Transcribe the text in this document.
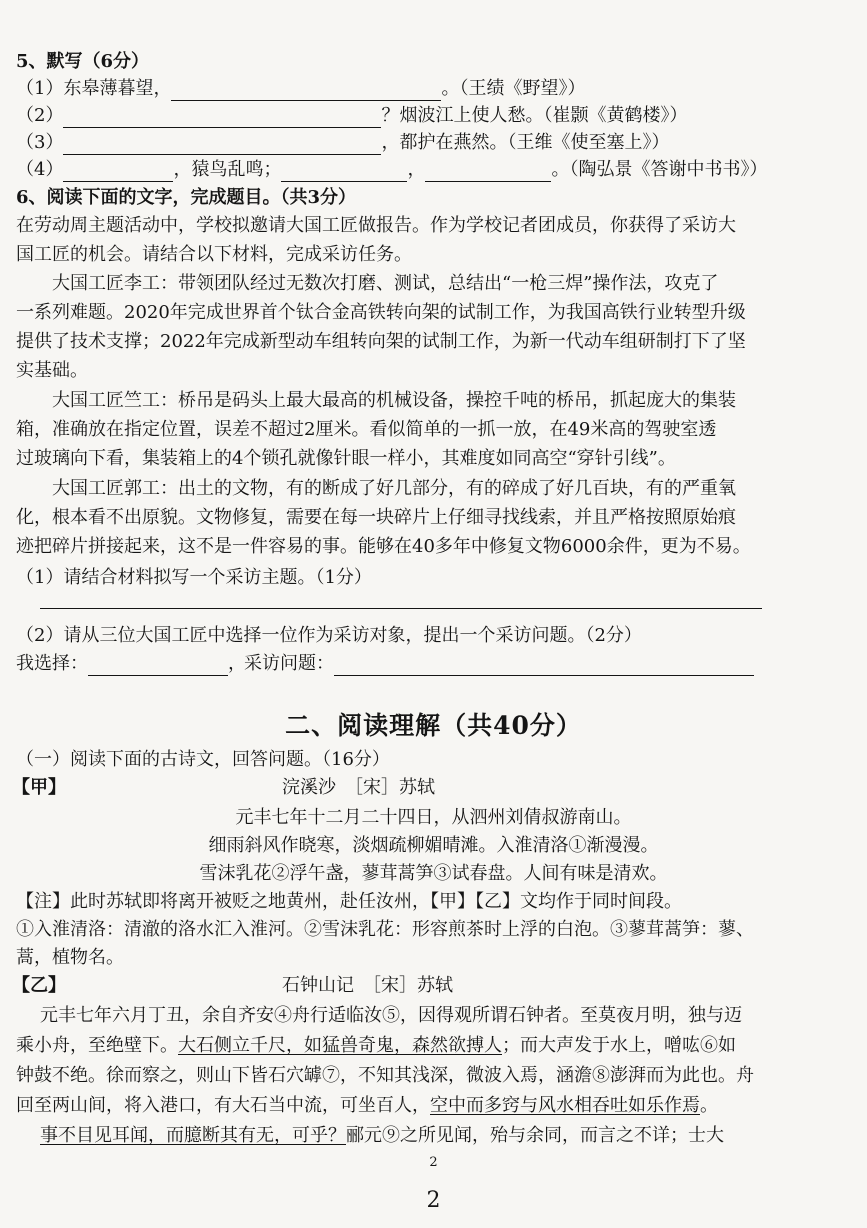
5、默写（6分）
（1）东皋薄暮望，	。（王绩《野望》）
（2）	？烟波江上使人愁。（崔颢《黄鹤楼》）
（3）	，都护在燕然。（王维《使至塞上》）
（4）	，猿鸟乱鸣；	，	。（陶弘景《答谢中书书》）
6、阅读下面的文字，完成题目。（共3分）
在劳动周主题活动中，学校拟邀请大国工匠做报告。作为学校记者团成员，你获得了采访大
国工匠的机会。请结合以下材料，完成采访任务。
大国工匠李工：带领团队经过无数次打磨、测试，总结出“一枪三焊”操作法，攻克了
一系列难题。2020年完成世界首个钛合金高铁转向架的试制工作，为我国高铁行业转型升级
提供了技术支撑；2022年完成新型动车组转向架的试制工作，为新一代动车组研制打下了坚
实基础。
大国工匠竺工：桥吊是码头上最大最高的机械设备，操控千吨的桥吊，抓起庞大的集装
箱，准确放在指定位置，误差不超过2厘米。看似简单的一抓一放，在49米高的驾驶室透
过玻璃向下看，集装箱上的4个锁孔就像针眼一样小，其难度如同高空“穿针引线”。
大国工匠郭工：出土的文物，有的断成了好几部分，有的碎成了好几百块，有的严重氧
化，根本看不出原貌。文物修复，需要在每一块碎片上仔细寻找线索，并且严格按照原始痕
迹把碎片拼接起来，这不是一件容易的事。能够在40多年中修复文物6000余件，更为不易。
（1）请结合材料拟写一个采访主题。（1分）
（2）请从三位大国工匠中选择一位作为采访对象，提出一个采访问题。（2分）
我选择：	，采访问题：
二、阅读理解（共40分）
（一）阅读下面的古诗文，回答问题。（16分）
【甲】	浣溪沙　［宋］苏轼
元丰七年十二月二十四日，从泗州刘倩叔游南山。
细雨斜风作晓寒，淡烟疏柳媚晴滩。入淮清洛①渐漫漫。
雪沫乳花②浮午盏，蓼茸蒿笋③试春盘。人间有味是清欢。
【注】此时苏轼即将离开被贬之地黄州，赴任汝州，【甲】【乙】文均作于同时间段。
①入淮清洛：清澈的洛水汇入淮河。②雪沫乳花：形容煎茶时上浮的白泡。③蓼茸蒿笋：蓼、
蒿，植物名。
【乙】	石钟山记　［宋］苏轼
元丰七年六月丁丑，余自齐安④舟行适临汝⑤，因得观所谓石钟者。至莫夜月明，独与迈
乘小舟，至绝壁下。大石侧立千尺，如猛兽奇鬼，森然欲搏人；而大声发于水上，噌吰⑥如
钟鼓不绝。徐而察之，则山下皆石穴罅⑦，不知其浅深，微波入焉，涵澹⑧澎湃而为此也。舟
回至两山间，将入港口，有大石当中流，可坐百人，空中而多窍与风水相吞吐如乐作焉。
事不目见耳闻，而臆断其有无，可乎？郦元⑨之所见闻，殆与余同，而言之不详；士大
2
2
